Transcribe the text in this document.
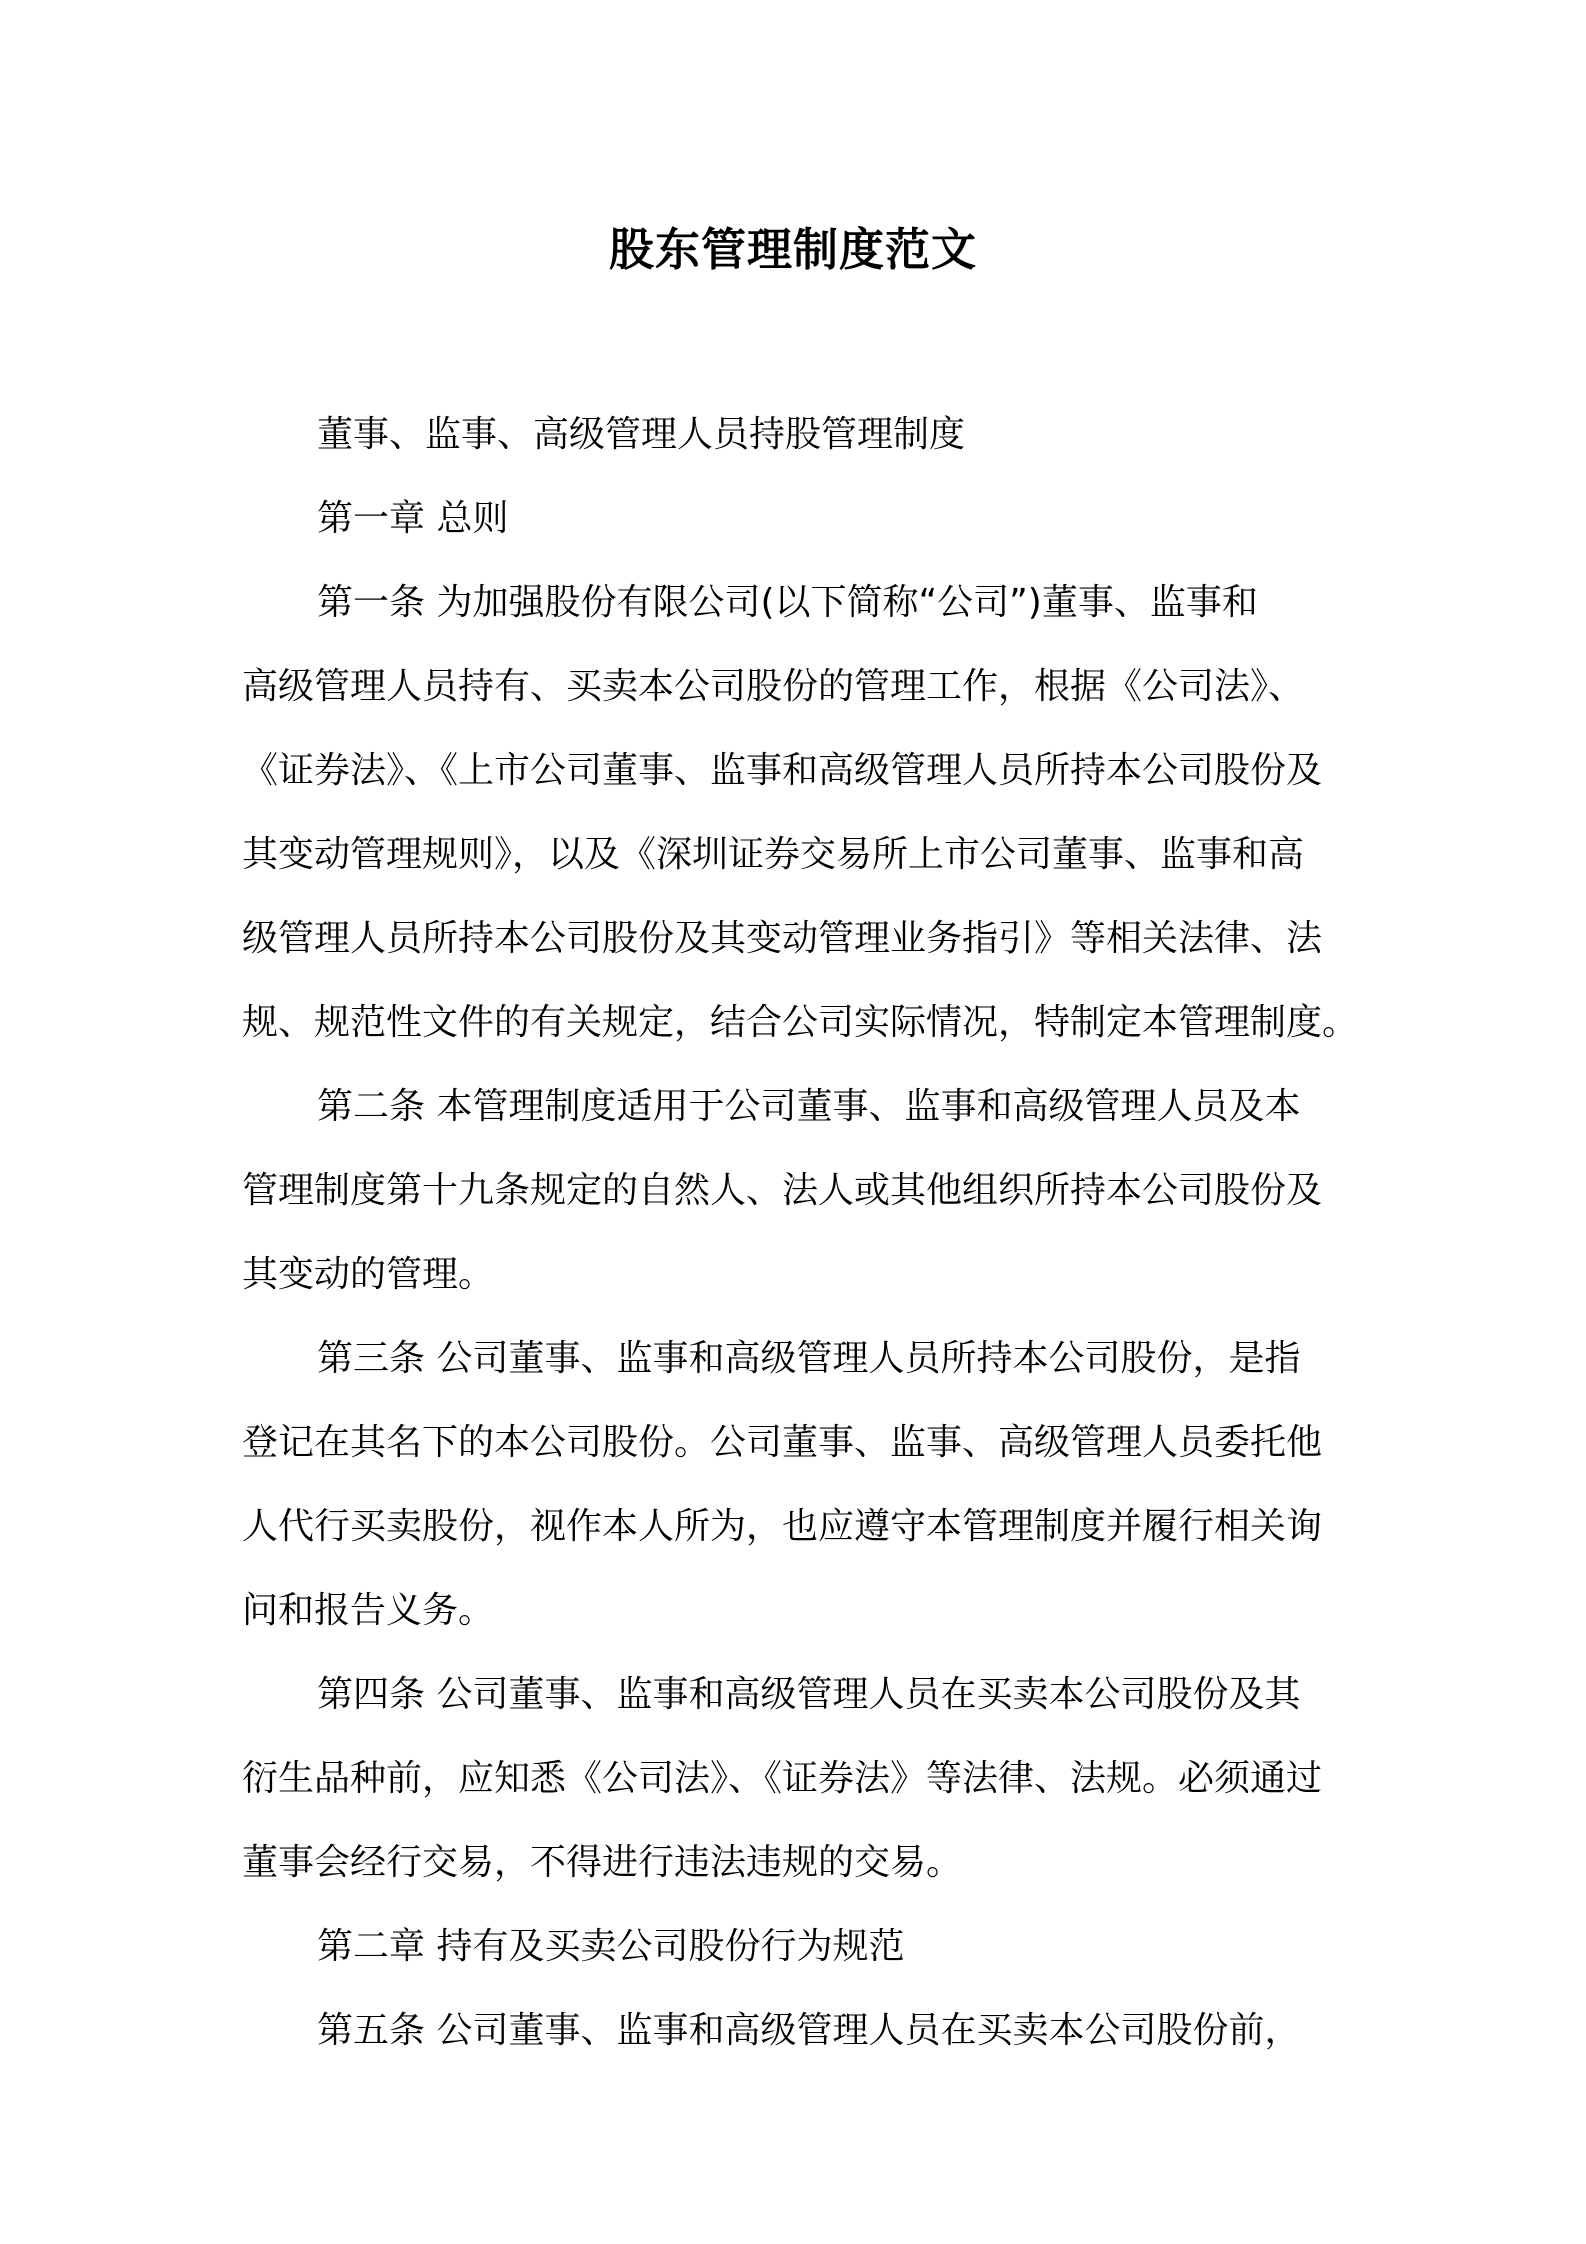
股东管理制度范文
董事、监事、高级管理人员持股管理制度
第一章 总则
第一条 为加强股份有限公司(以下简称“公司”)董事、监事和
高级管理人员持有、买卖本公司股份的管理工作，根据《公司法》、
《证券法》、《上市公司董事、监事和高级管理人员所持本公司股份及
其变动管理规则》，以及《深圳证券交易所上市公司董事、监事和高
级管理人员所持本公司股份及其变动管理业务指引》等相关法律、法
规、规范性文件的有关规定，结合公司实际情况，特制定本管理制度。
第二条 本管理制度适用于公司董事、监事和高级管理人员及本
管理制度第十九条规定的自然人、法人或其他组织所持本公司股份及
其变动的管理。
第三条 公司董事、监事和高级管理人员所持本公司股份，是指
登记在其名下的本公司股份。公司董事、监事、高级管理人员委托他
人代行买卖股份，视作本人所为，也应遵守本管理制度并履行相关询
问和报告义务。
第四条 公司董事、监事和高级管理人员在买卖本公司股份及其
衍生品种前，应知悉《公司法》、《证券法》等法律、法规。必须通过
董事会经行交易，不得进行违法违规的交易。
第二章 持有及买卖公司股份行为规范
第五条 公司董事、监事和高级管理人员在买卖本公司股份前，
